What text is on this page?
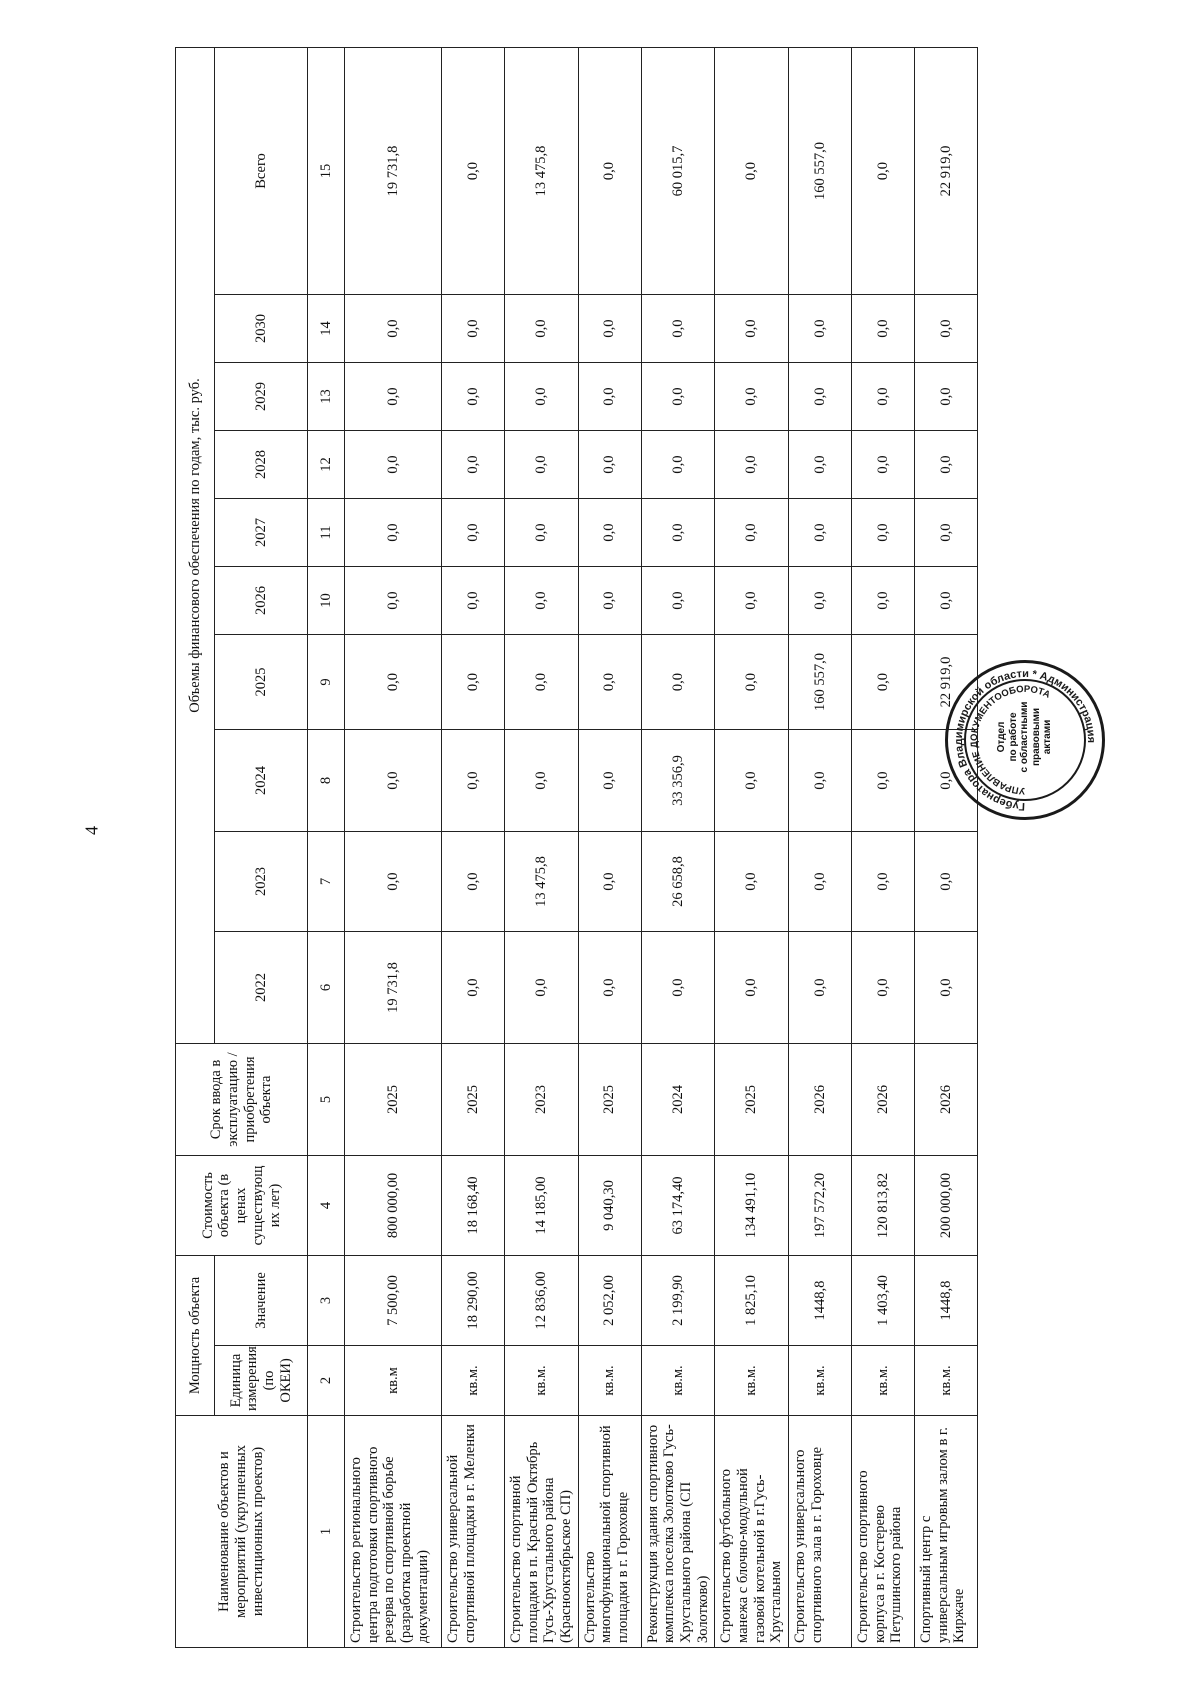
4
Наименование объектов и мероприятий (укрупненных инвестиционных проектов)	Мощность объекта		Стоимость объекта (в ценах существующ их лет)	Срок ввода в эксплуатацию / приобретения объекта	Объемы финансового обеспечения по годам, тыс. руб.									
	Единица измерения (по ОКЕИ)	Значение			2022	2023	2024	2025	2026	2027	2028	2029	2030	Всего
1	2	3	4	5	6	7	8	9	10	11	12	13	14	15
Строительство регионального центра подготовки спортивного резерва по спортивной борьбе (разработка проектной документации)	кв.м	7 500,00	800 000,00	2025	19 731,8	0,0	0,0	0,0	0,0	0,0	0,0	0,0	0,0	19 731,8
Строительство универсальной спортивной площадки в г. Меленки	кв.м.	18 290,00	18 168,40	2025	0,0	0,0	0,0	0,0	0,0	0,0	0,0	0,0	0,0	0,0
Строительство спортивной площадки в п. Красный Октябрь Гусь-Хрустального района (Краснооктябрьское СП)	кв.м.	12 836,00	14 185,00	2023	0,0	13 475,8	0,0	0,0	0,0	0,0	0,0	0,0	0,0	13 475,8
Строительство многофункциональной спортивной площадки в г. Гороховце	кв.м.	2 052,00	9 040,30	2025	0,0	0,0	0,0	0,0	0,0	0,0	0,0	0,0	0,0	0,0
Реконструкция здания спортивного комплекса поселка Золотково Гусь-Хрустального района (СП Золотково)	кв.м.	2 199,90	63 174,40	2024	0,0	26 658,8	33 356,9	0,0	0,0	0,0	0,0	0,0	0,0	60 015,7
Строительство футбольного манежа с блочно-модульной газовой котельной в г.Гусь-Хрустальном	кв.м.	1 825,10	134 491,10	2025	0,0	0,0	0,0	0,0	0,0	0,0	0,0	0,0	0,0	0,0
Строительство универсального спортивного зала в г. Гороховце	кв.м.	1448,8	197 572,20	2026	0,0	0,0	0,0	160 557,0	0,0	0,0	0,0	0,0	0,0	160 557,0
Строительство спортивного корпуса в г. Костерево Петушинского района	кв.м.	1 403,40	120 813,82	2026	0,0	0,0	0,0	0,0	0,0	0,0	0,0	0,0	0,0	0,0
Спортивный центр с универсальным игровым залом в г. Киржаче	кв.м.	1448,8	200 000,00	2026	0,0	0,0	0,0	22 919,0	0,0	0,0	0,0	0,0	0,0	22 919,0
Губернатора Владимирской области * Администрация
УПРАВЛЕНИЕ ДОКУМЕНТООБОРОТА
Отдел по работе с областными правовыми актами
